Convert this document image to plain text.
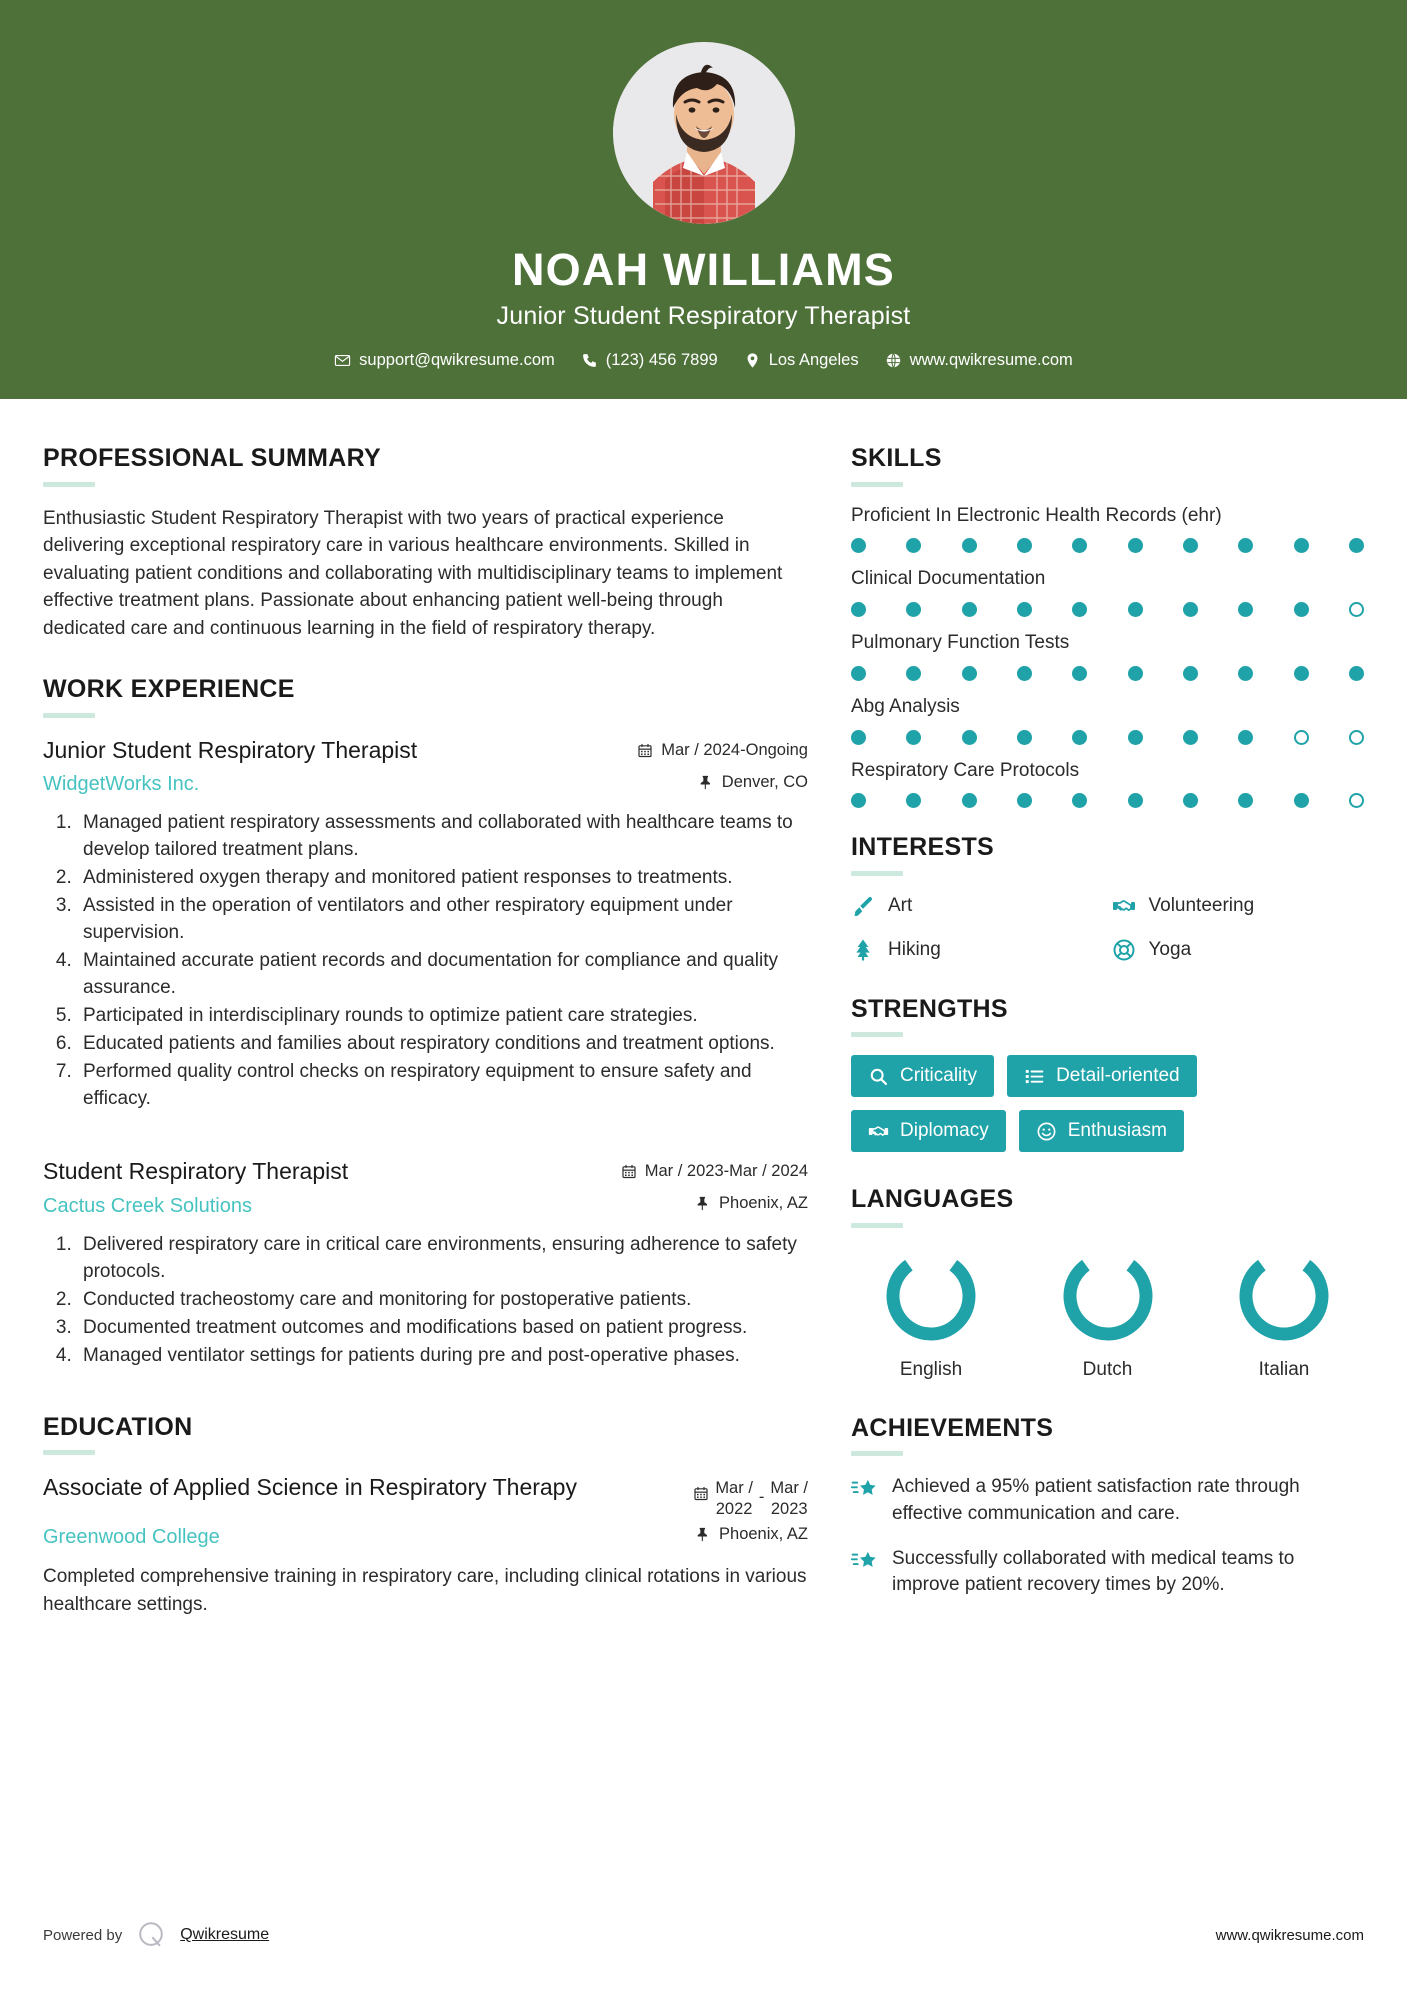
NOAH WILLIAMS
Junior Student Respiratory Therapist
support@qwikresume.com	(123) 456 7899	Los Angeles	www.qwikresume.com
PROFESSIONAL SUMMARY
Enthusiastic Student Respiratory Therapist with two years of practical experience delivering exceptional respiratory care in various healthcare environments. Skilled in evaluating patient conditions and collaborating with multidisciplinary teams to implement effective treatment plans. Passionate about enhancing patient well-being through dedicated care and continuous learning in the field of respiratory therapy.
WORK EXPERIENCE
Junior Student Respiratory Therapist
WidgetWorks Inc.
Mar / 2024-Ongoing
Denver, CO
1. Managed patient respiratory assessments and collaborated with healthcare teams to develop tailored treatment plans.
2. Administered oxygen therapy and monitored patient responses to treatments.
3. Assisted in the operation of ventilators and other respiratory equipment under supervision.
4. Maintained accurate patient records and documentation for compliance and quality assurance.
5. Participated in interdisciplinary rounds to optimize patient care strategies.
6. Educated patients and families about respiratory conditions and treatment options.
7. Performed quality control checks on respiratory equipment to ensure safety and efficacy.
Student Respiratory Therapist
Cactus Creek Solutions
Mar / 2023-Mar / 2024
Phoenix, AZ
1. Delivered respiratory care in critical care environments, ensuring adherence to safety protocols.
2. Conducted tracheostomy care and monitoring for postoperative patients.
3. Documented treatment outcomes and modifications based on patient progress.
4. Managed ventilator settings for patients during pre and post-operative phases.
EDUCATION
Associate of Applied Science in Respiratory Therapy	Mar /
2022
- Mar /
2023
Greenwood College	Phoenix, AZ
Completed comprehensive training in respiratory care, including clinical rotations in various healthcare settings.
SKILLS
Proficient In Electronic Health Records (ehr)
Clinical Documentation
Pulmonary Function Tests
Abg Analysis
Respiratory Care Protocols
INTERESTS
Art	Volunteering
Hiking	Yoga
STRENGTHS
Criticality	Detail-oriented
Diplomacy	Enthusiasm
LANGUAGES
English	Dutch	Italian
ACHIEVEMENTS
Achieved a 95% patient satisfaction rate through effective communication and care.
Successfully collaborated with medical teams to improve patient recovery times by 20%.
Powered by	Qwikresume	www.qwikresume.com
